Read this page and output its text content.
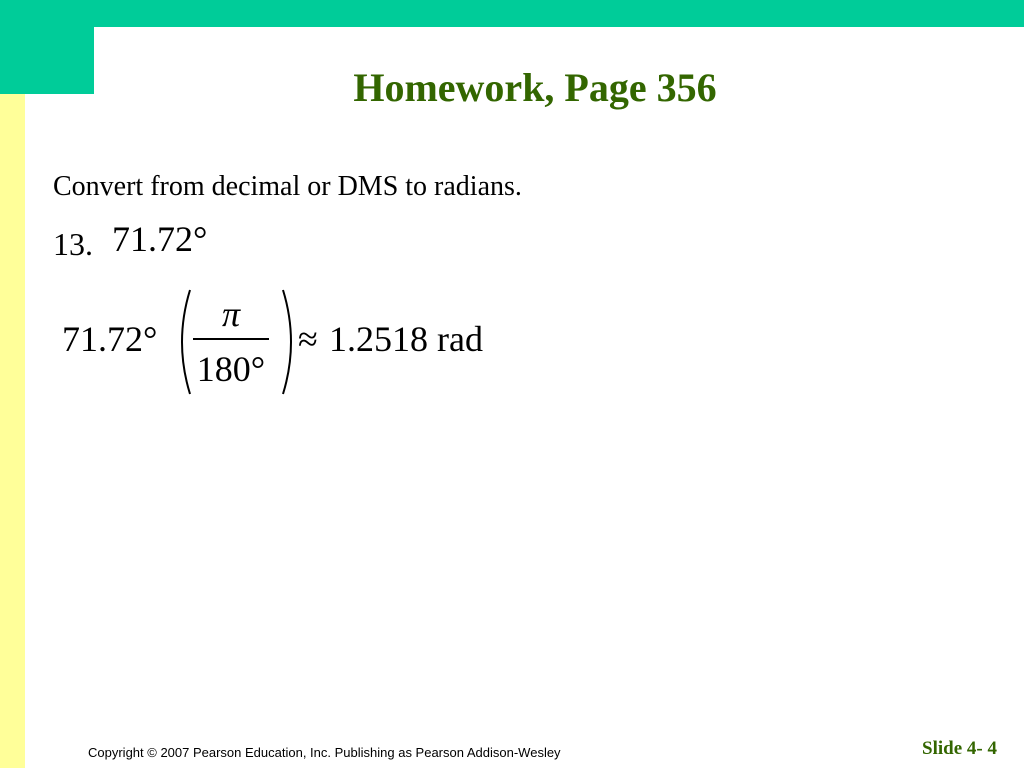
Homework, Page 356
Convert from decimal or DMS to radians.
13. 71.72°
71.72°
π
180°
≈ 1.2518 rad
Copyright © 2007 Pearson Education, Inc. Publishing as Pearson Addison-Wesley	Slide 4- 4
